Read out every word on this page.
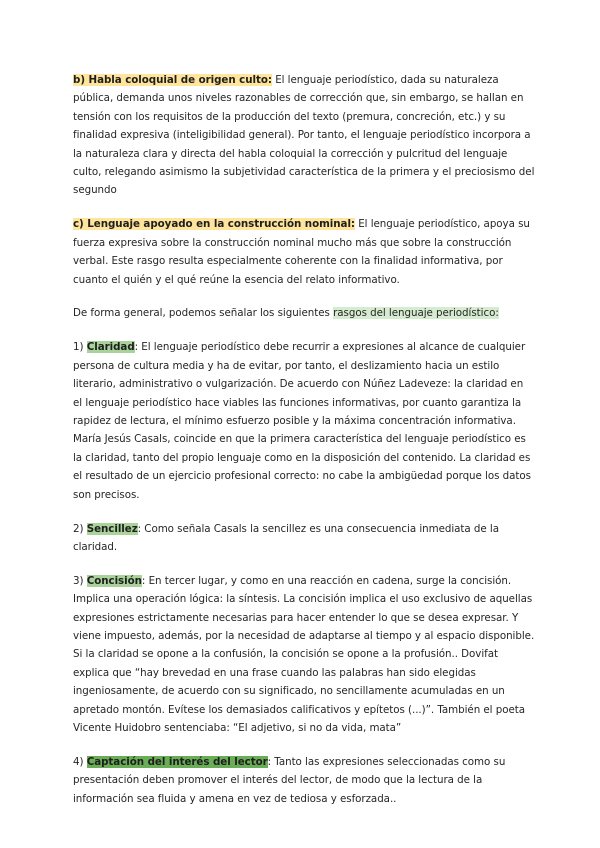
b) Habla coloquial de origen culto: El lenguaje periodístico, dada su naturaleza pública, demanda unos niveles razonables de corrección que, sin embargo, se hallan en tensión con los requisitos de la producción del texto (premura, concreción, etc.) y su finalidad expresiva (inteligibilidad general). Por tanto, el lenguaje periodístico incorpora a la naturaleza clara y directa del habla coloquial la corrección y pulcritud del lenguaje culto, relegando asimismo la subjetividad característica de la primera y el preciosismo del segundo

c) Lenguaje apoyado en la construcción nominal: El lenguaje periodístico, apoya su fuerza expresiva sobre la construcción nominal mucho más que sobre la construcción verbal. Este rasgo resulta especialmente coherente con la finalidad informativa, por cuanto el quién y el qué reúne la esencia del relato informativo.

De forma general, podemos señalar los siguientes rasgos del lenguaje periodístico:

1) Claridad: El lenguaje periodístico debe recurrir a expresiones al alcance de cualquier persona de cultura media y ha de evitar, por tanto, el deslizamiento hacia un estilo literario, administrativo o vulgarización. De acuerdo con Núñez Ladeveze: la claridad en el lenguaje periodístico hace viables las funciones informativas, por cuanto garantiza la rapidez de lectura, el mínimo esfuerzo posible y la máxima concentración informativa. María Jesús Casals, coincide en que la primera característica del lenguaje periodístico es la claridad, tanto del propio lenguaje como en la disposición del contenido. La claridad es el resultado de un ejercicio profesional correcto: no cabe la ambigüedad porque los datos son precisos.

2) Sencillez: Como señala Casals la sencillez es una consecuencia inmediata de la claridad.

3) Concisión: En tercer lugar, y como en una reacción en cadena, surge la concisión. Implica una operación lógica: la síntesis. La concisión implica el uso exclusivo de aquellas expresiones estrictamente necesarias para hacer entender lo que se desea expresar. Y viene impuesto, además, por la necesidad de adaptarse al tiempo y al espacio disponible. Si la claridad se opone a la confusión, la concisión se opone a la profusión.. Dovifat explica que “hay brevedad en una frase cuando las palabras han sido elegidas ingeniosamente, de acuerdo con su significado, no sencillamente acumuladas en un apretado montón. Evítese los demasiados calificativos y epítetos (...)”. También el poeta Vicente Huidobro sentenciaba: “El adjetivo, si no da vida, mata”

4) Captación del interés del lector: Tanto las expresiones seleccionadas como su presentación deben promover el interés del lector, de modo que la lectura de la información sea fluida y amena en vez de tediosa y esforzada..
